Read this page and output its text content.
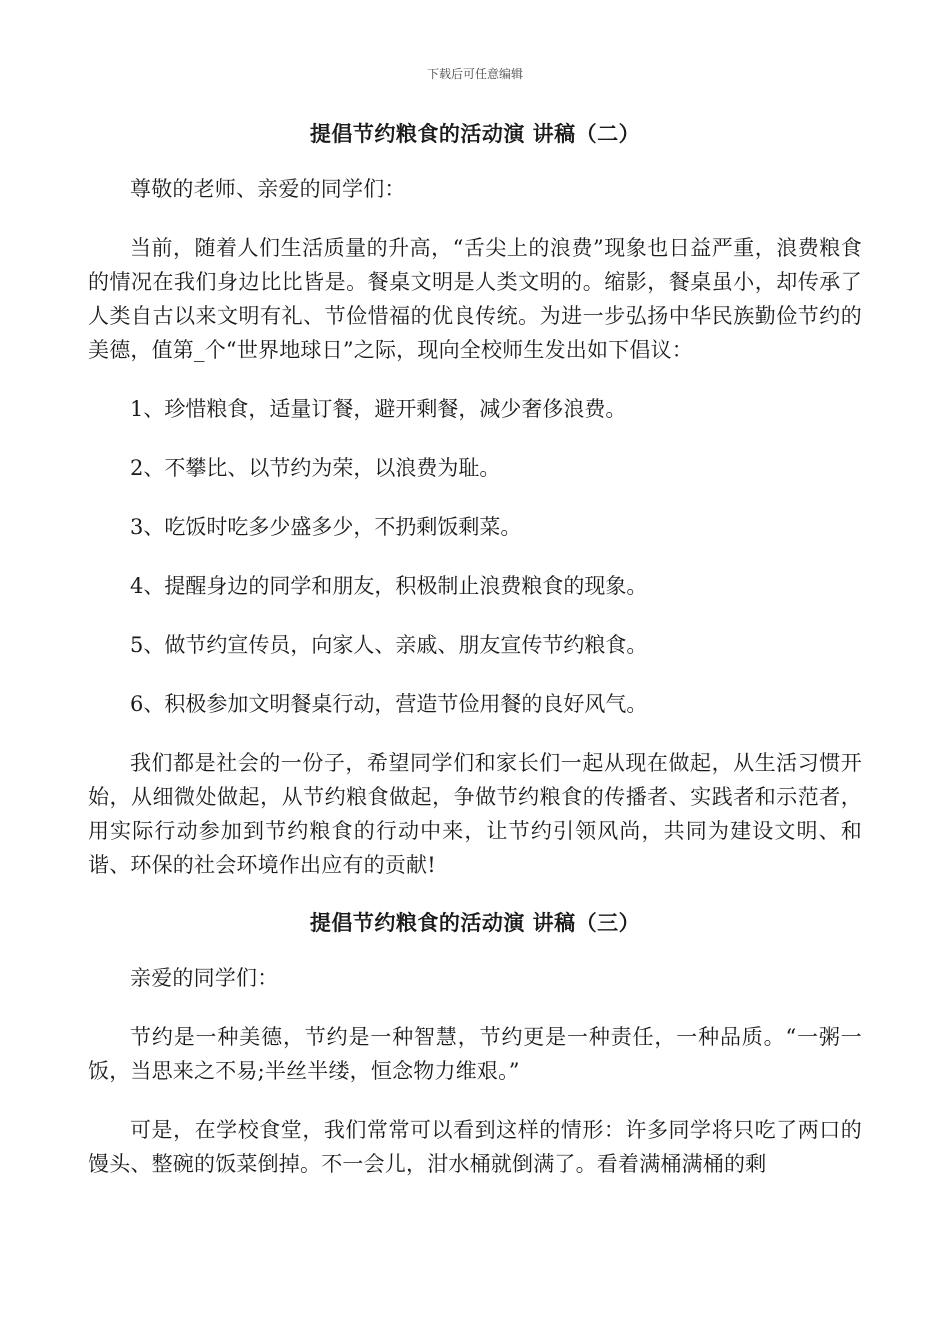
下载后可任意编辑
提倡节约粮食的活动演 讲稿（二）

尊敬的老师、亲爱的同学们：

当前，随着人们生活质量的升高，“舌尖上的浪费”现象也日益严重，浪费粮食的情况在我们身边比比皆是。餐桌文明是人类文明的。缩影，餐桌虽小，却传承了人类自古以来文明有礼、节俭惜福的优良传统。为进一步弘扬中华民族勤俭节约的美德，值第_个“世界地球日”之际，现向全校师生发出如下倡议：

1、珍惜粮食，适量订餐，避开剩餐，减少奢侈浪费。

2、不攀比、以节约为荣，以浪费为耻。

3、吃饭时吃多少盛多少，不扔剩饭剩菜。

4、提醒身边的同学和朋友，积极制止浪费粮食的现象。

5、做节约宣传员，向家人、亲戚、朋友宣传节约粮食。

6、积极参加文明餐桌行动，营造节俭用餐的良好风气。

我们都是社会的一份子，希望同学们和家长们一起从现在做起，从生活习惯开始，从细微处做起，从节约粮食做起，争做节约粮食的传播者、实践者和示范者，用实际行动参加到节约粮食的行动中来，让节约引领风尚，共同为建设文明、和谐、环保的社会环境作出应有的贡献!

提倡节约粮食的活动演 讲稿（三）

亲爱的同学们：

节约是一种美德，节约是一种智慧，节约更是一种责任，一种品质。“一粥一饭，当思来之不易;半丝半缕，恒念物力维艰。”

可是，在学校食堂，我们常常可以看到这样的情形：许多同学将只吃了两口的馒头、整碗的饭菜倒掉。不一会儿，泔水桶就倒满了。看着满桶满桶的剩
